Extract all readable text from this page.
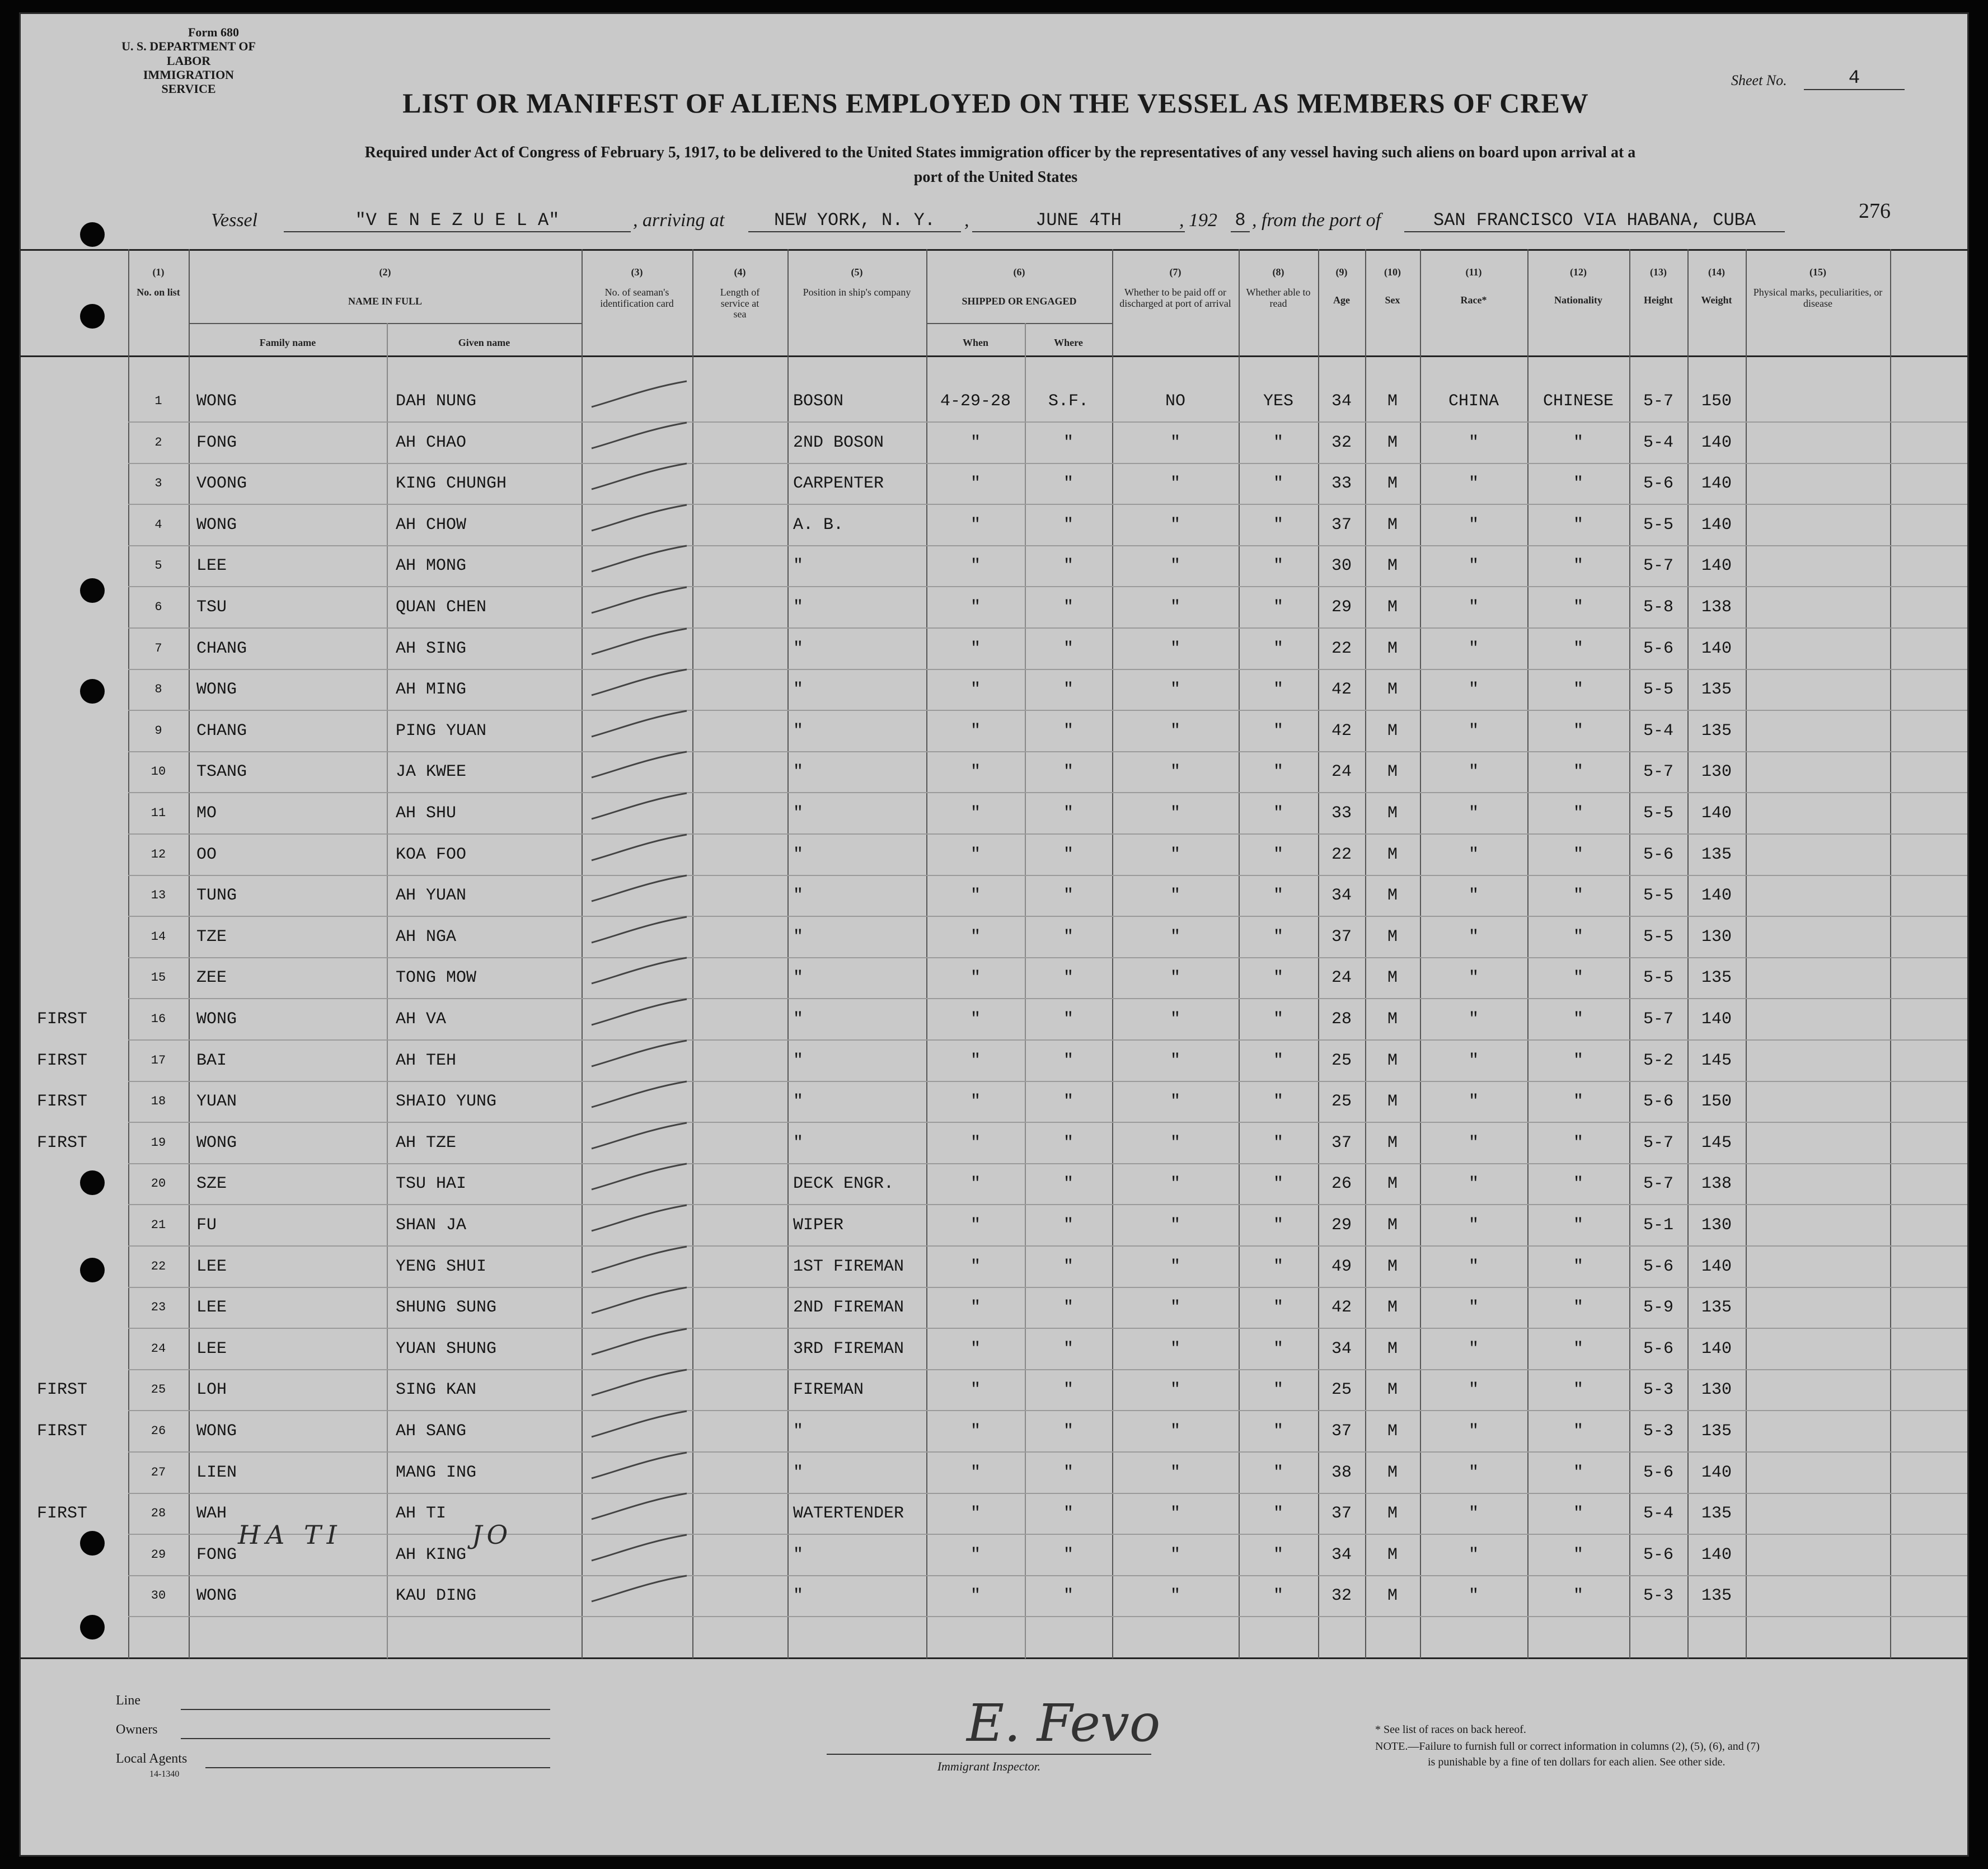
Form 680
U. S. DEPARTMENT OF LABOR
IMMIGRATION SERVICE
Sheet No.	4
LIST OR MANIFEST OF ALIENS EMPLOYED ON THE VESSEL AS MEMBERS OF CREW
Required under Act of Congress of February 5, 1917, to be delivered to the United States immigration officer by the representatives of any vessel having such aliens on board upon arrival at a
port of the United States
276
Vessel	"V E N E Z U E L A"	, arriving at	NEW YORK, N. Y.	,	JUNE 4TH	, 192 8 , from the port of	SAN FRANCISCO VIA HABANA, CUBA
(1)
No. on list
(2)
NAME IN FULL
Family name	Given name
(3)
No. of seaman's identification card
(4)
Length of service at sea
(5)
Position in ship's company
(6)
SHIPPED OR ENGAGED
When	Where
(7)
Whether to be paid off or discharged at port of arrival
(8)
Whether able to read
(9)
Age
(10)
Sex
(11)
Race*
(12)
Nationality
(13)
Height
(14)
Weight
(15)
Physical marks, peculiarities, or disease
1	WONG	DAH NUNG	BOSON	4-29-28	S.F.	NO	YES	34	M	CHINA	CHINESE	5-7	150
2	FONG	AH CHAO	2ND BOSON	"	"	"	"	32	M	"	"	5-4	140
3	VOONG	KING CHUNGH	CARPENTER	"	"	"	"	33	M	"	"	5-6	140
4	WONG	AH CHOW	A. B.	"	"	"	"	37	M	"	"	5-5	140
5	LEE	AH MONG	"	"	"	"	"	30	M	"	"	5-7	140
6	TSU	QUAN CHEN	"	"	"	"	"	29	M	"	"	5-8	138
7	CHANG	AH SING	"	"	"	"	"	22	M	"	"	5-6	140
8	WONG	AH MING	"	"	"	"	"	42	M	"	"	5-5	135
9	CHANG	PING YUAN	"	"	"	"	"	42	M	"	"	5-4	135
10	TSANG	JA KWEE	"	"	"	"	"	24	M	"	"	5-7	130
11	MO	AH SHU	"	"	"	"	"	33	M	"	"	5-5	140
12	OO	KOA FOO	"	"	"	"	"	22	M	"	"	5-6	135
13	TUNG	AH YUAN	"	"	"	"	"	34	M	"	"	5-5	140
14	TZE	AH NGA	"	"	"	"	"	37	M	"	"	5-5	130
15	ZEE	TONG MOW	"	"	"	"	"	24	M	"	"	5-5	135
FIRST	16	WONG	AH VA	"	"	"	"	"	28	M	"	"	5-7	140
FIRST	17	BAI	AH TEH	"	"	"	"	"	25	M	"	"	5-2	145
FIRST	18	YUAN	SHAIO YUNG	"	"	"	"	"	25	M	"	"	5-6	150
FIRST	19	WONG	AH TZE	"	"	"	"	"	37	M	"	"	5-7	145
20	SZE	TSU HAI	DECK ENGR.	"	"	"	"	26	M	"	"	5-7	138
21	FU	SHAN JA	WIPER	"	"	"	"	29	M	"	"	5-1	130
22	LEE	YENG SHUI	1ST FIREMAN	"	"	"	"	49	M	"	"	5-6	140
23	LEE	SHUNG SUNG	2ND FIREMAN	"	"	"	"	42	M	"	"	5-9	135
24	LEE	YUAN SHUNG	3RD FIREMAN	"	"	"	"	34	M	"	"	5-6	140
FIRST	25	LOH	SING KAN	FIREMAN	"	"	"	"	25	M	"	"	5-3	130
FIRST	26	WONG	AH SANG	"	"	"	"	"	37	M	"	"	5-3	135
27	LIEN	MANG ING	"	"	"	"	"	38	M	"	"	5-6	140
FIRST	28	WAH	AH TI	WATERTENDER	"	"	"	"	37	M	"	"	5-4	135
29	FONG	AH KING	"	"	"	"	"	34	M	"	"	5-6	140
30	WONG	KAU DING	"	"	"	"	"	32	M	"	"	5-3	135
HA TI	JO
Line
Owners
Local Agents
14-1340
E. Fevo
Immigrant Inspector.
* See list of races on back hereof.
NOTE.—Failure to furnish full or correct information in columns (2), (5), (6), and (7)
is punishable by a fine of ten dollars for each alien. See other side.
